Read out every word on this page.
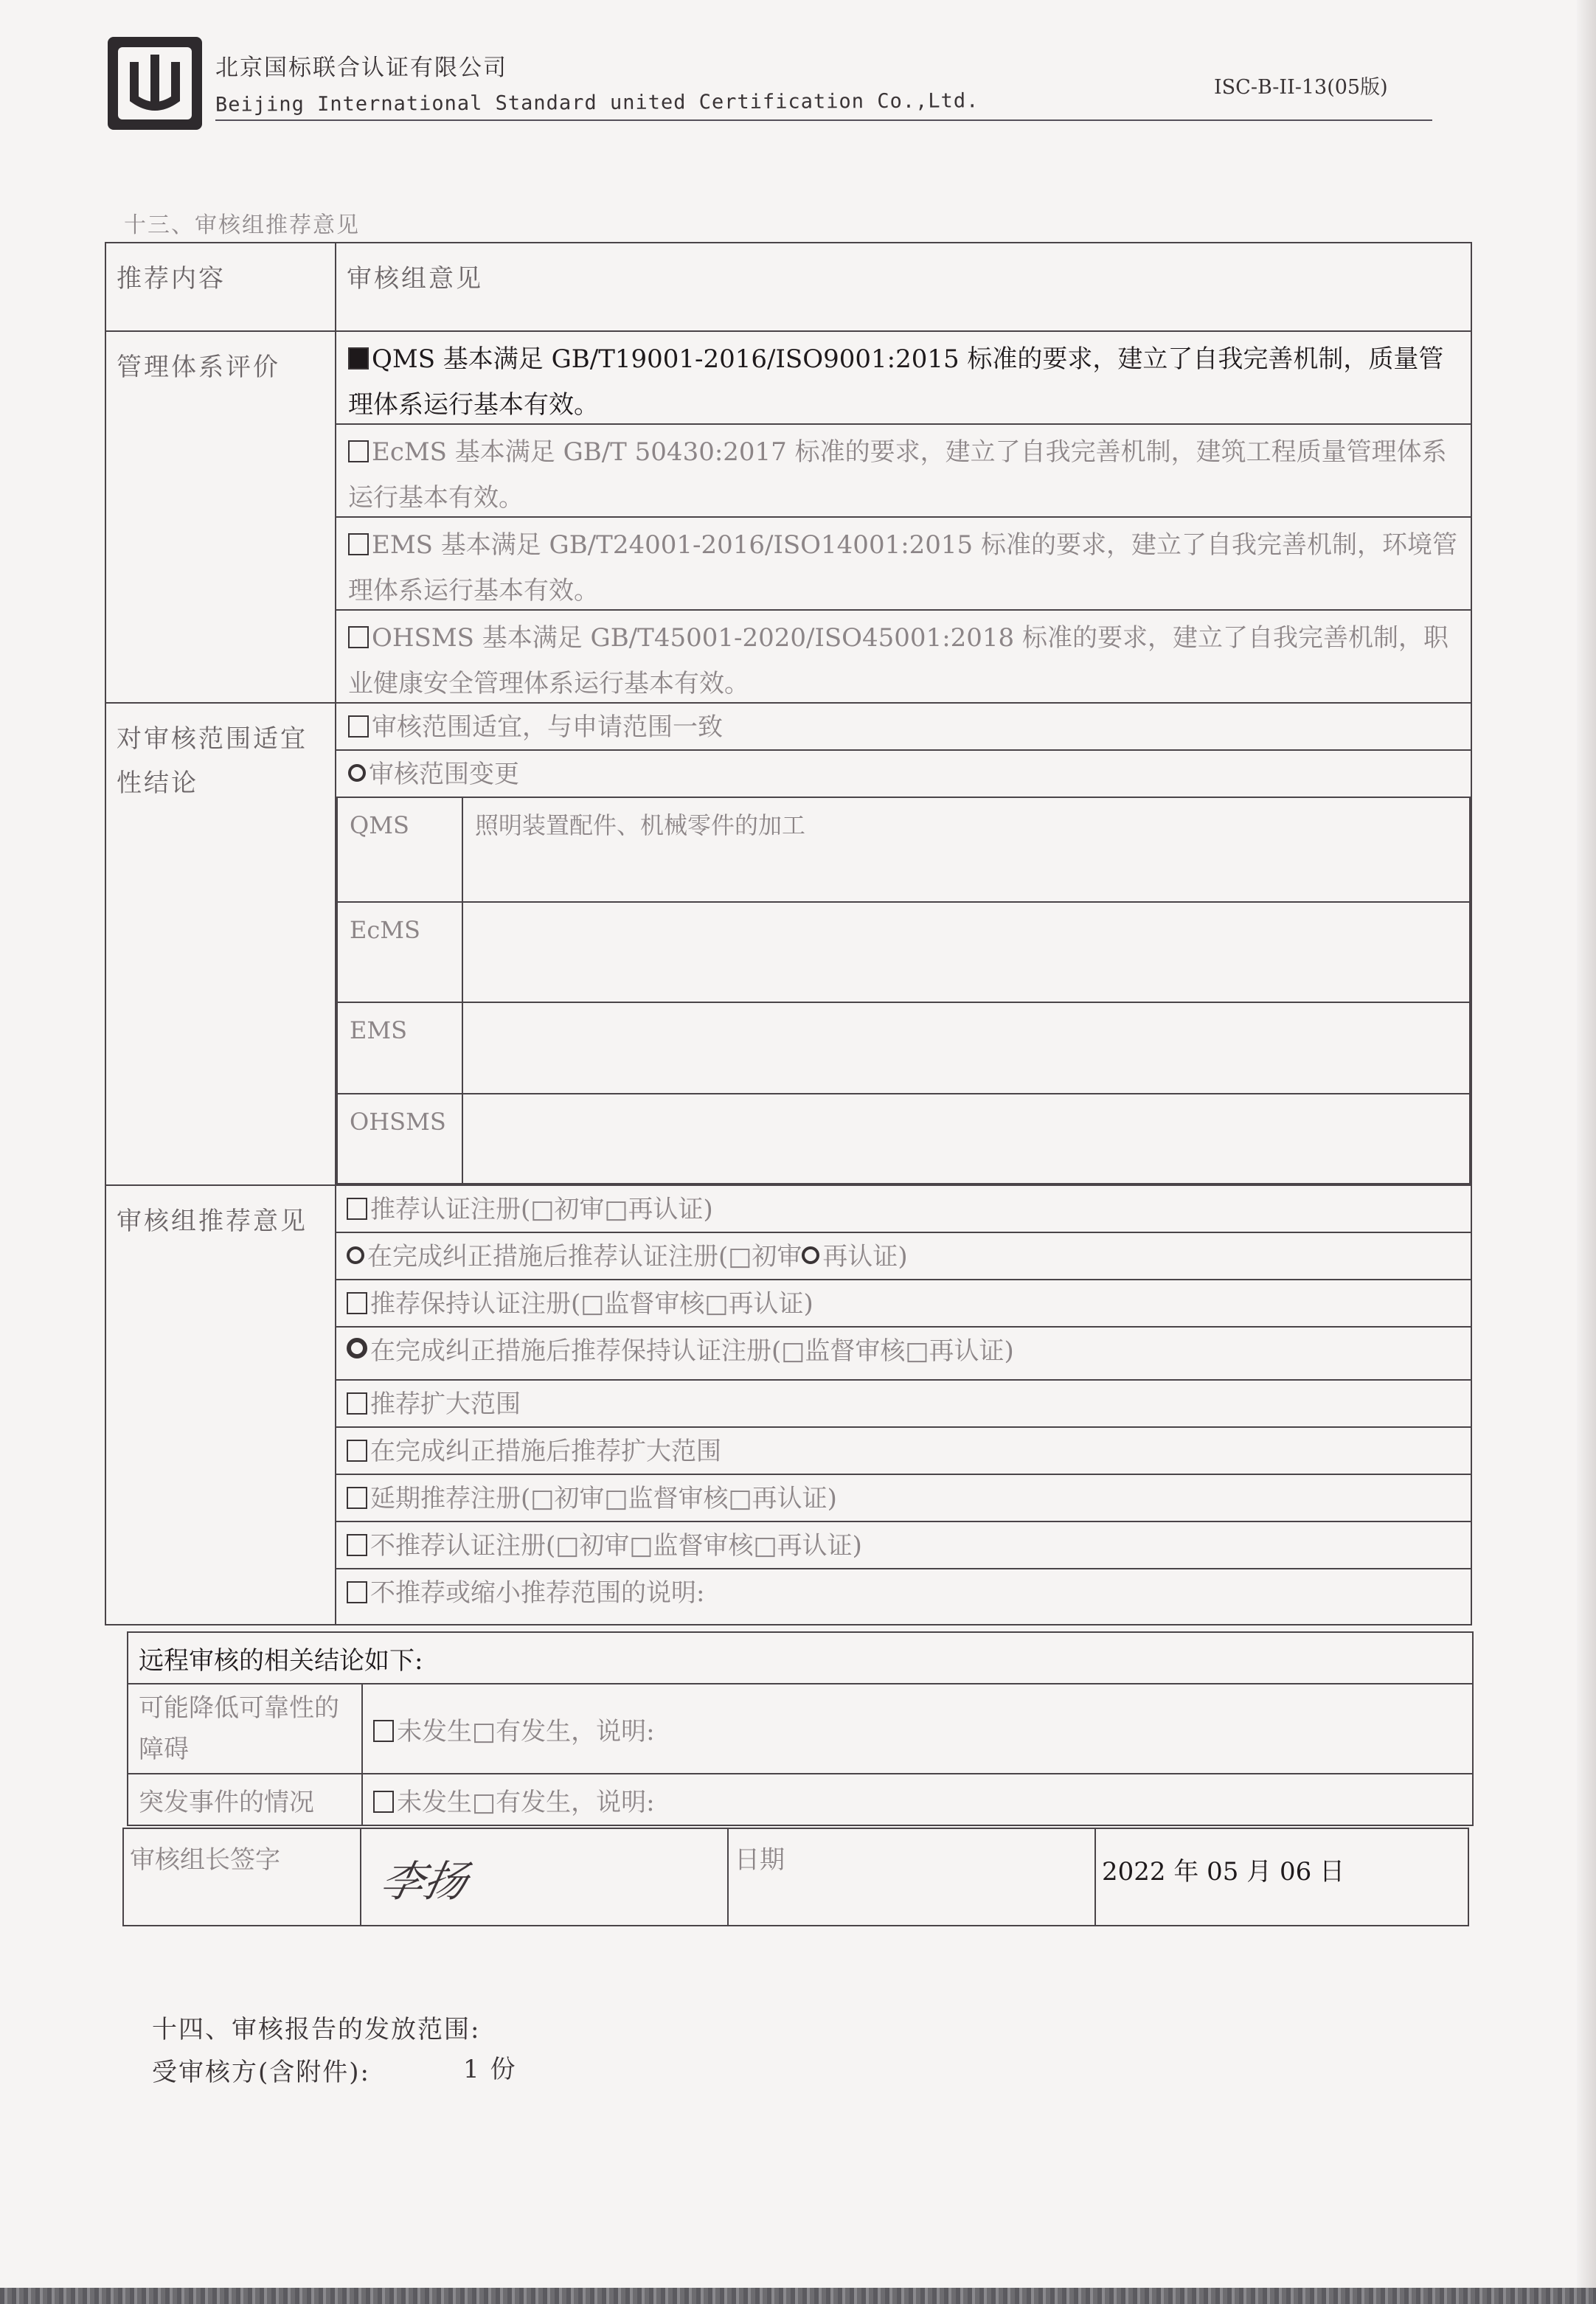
北京国标联合认证有限公司
Beijing International Standard united Certification Co.,Ltd.
ISC-B-II-13(05版)
十三、审核组推荐意见
推荐内容	审核组意见
管理体系评价	QMS 基本满足 GB/T19001-2016/ISO9001:2015 标准的要求，建立了自我完善机制，质量管理体系运行基本有效。
EcMS 基本满足 GB/T 50430:2017 标准的要求，建立了自我完善机制，建筑工程质量管理体系运行基本有效。
EMS 基本满足 GB/T24001-2016/ISO14001:2015 标准的要求，建立了自我完善机制，环境管理体系运行基本有效。
OHSMS 基本满足 GB/T45001-2020/ISO45001:2018 标准的要求，建立了自我完善机制，职业健康安全管理体系运行基本有效。

对审核范围适宜性结论	
审核范围适宜，与申请范围一致
审核范围变更
QMS	照明装置配件、机械零件的加工
EcMS	
EMS	
OHSMS	

审核组推荐意见	推荐认证注册(□初审□再认证)
在完成纠正措施后推荐认证注册(□初审 再认证)
推荐保持认证注册(□监督审核□再认证)
在完成纠正措施后推荐保持认证注册(□监督审核□再认证)
推荐扩大范围
在完成纠正措施后推荐扩大范围
延期推荐注册(□初审□监督审核□再认证)
不推荐认证注册(□初审□监督审核□再认证)
不推荐或缩小推荐范围的说明:
远程审核的相关结论如下:	
可能降低可靠性的障碍	未发生□有发生，说明:
突发事件的情况	未发生□有发生，说明:
审核组长签字	李扬	日期	2022 年 05 月 06 日
十四、审核报告的发放范围:
受审核方(含附件):	1 份
